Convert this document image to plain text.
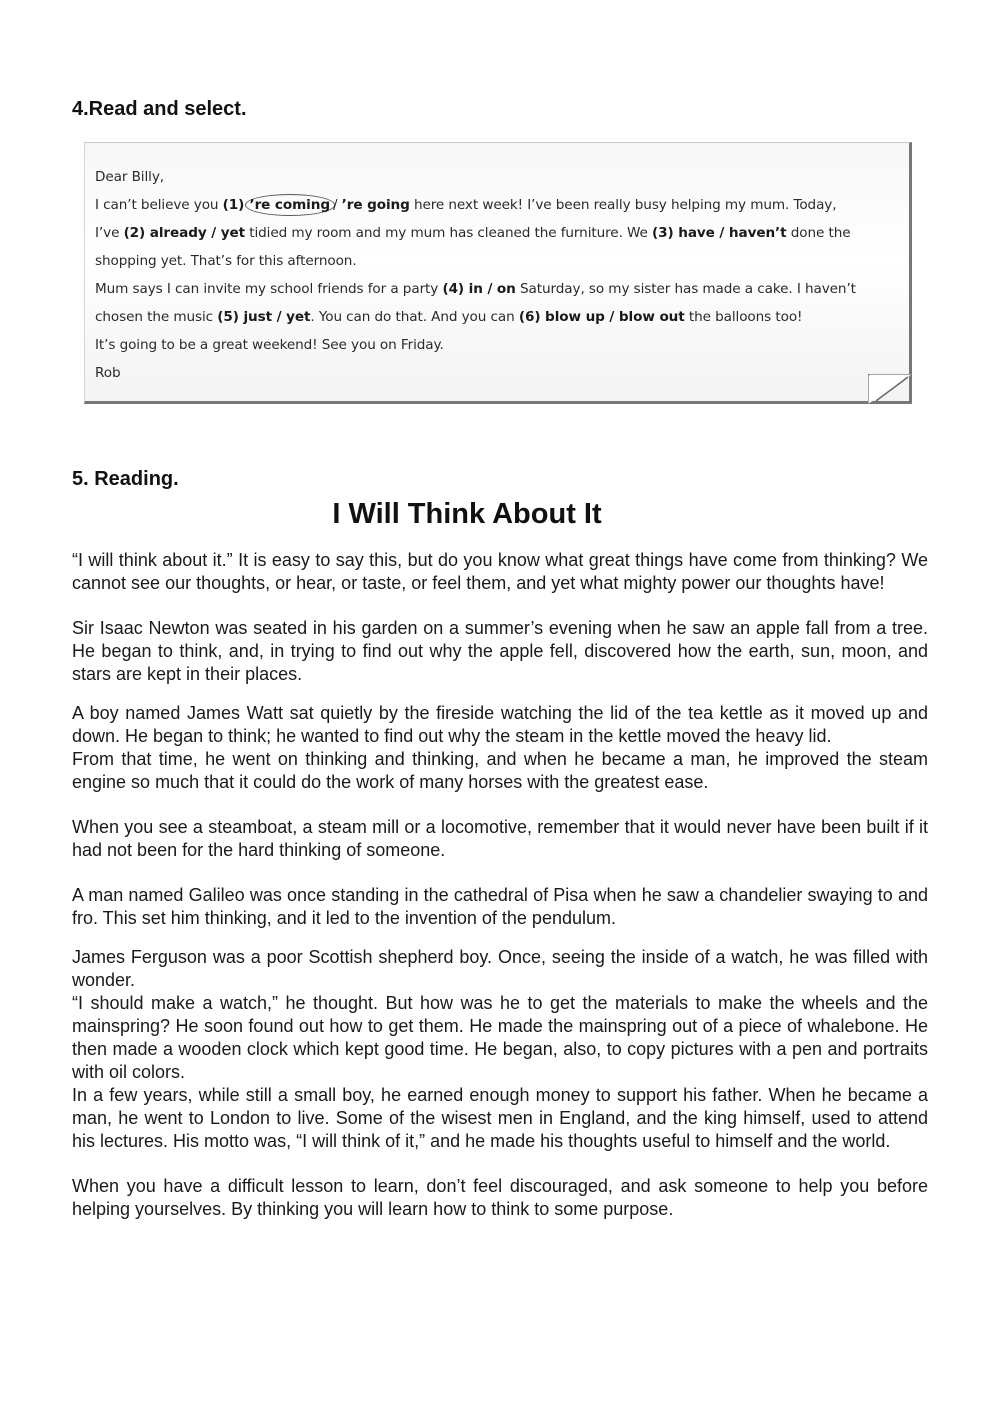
4.Read and select.
Dear Billy,
I can’t believe you (1) ’re coming / ’re going here next week! I’ve been really busy helping my mum. Today,
I’ve (2) already / yet tidied my room and my mum has cleaned the furniture. We (3) have / haven’t done the
shopping yet. That’s for this afternoon.
Mum says I can invite my school friends for a party (4) in / on Saturday, so my sister has made a cake. I haven’t
chosen the music (5) just / yet. You can do that. And you can (6) blow up / blow out the balloons too!
It’s going to be a great weekend! See you on Friday.
Rob
5. Reading.
I Will Think About It

“I will think about it.” It is easy to say this, but do you know what great things have come from thinking? We cannot see our thoughts, or hear, or taste, or feel them, and yet what mighty power our thoughts have!

Sir Isaac Newton was seated in his garden on a summer’s evening when he saw an apple fall from a tree. He began to think, and, in trying to find out why the apple fell, discovered how the earth, sun, moon, and stars are kept in their places.

A boy named James Watt sat quietly by the fireside watching the lid of the tea kettle as it moved up and down. He began to think; he wanted to find out why the steam in the kettle moved the heavy lid.

From that time, he went on thinking and thinking, and when he became a man, he improved the steam engine so much that it could do the work of many horses with the greatest ease.

When you see a steamboat, a steam mill or a locomotive, remember that it would never have been built if it had not been for the hard thinking of someone.

A man named Galileo was once standing in the cathedral of Pisa when he saw a chandelier swaying to and fro. This set him thinking, and it led to the invention of the pendulum.

James Ferguson was a poor Scottish shepherd boy. Once, seeing the inside of a watch, he was filled with wonder.

“I should make a watch,” he thought. But how was he to get the materials to make the wheels and the mainspring? He soon found out how to get them. He made the mainspring out of a piece of whalebone. He then made a wooden clock which kept good time. He began, also, to copy pictures with a pen and portraits with oil colors.

In a few years, while still a small boy, he earned enough money to support his father. When he became a man, he went to London to live. Some of the wisest men in England, and the king himself, used to attend his lectures. His motto was, “I will think of it,” and he made his thoughts useful to himself and the world.

When you have a difficult lesson to learn, don’t feel discouraged, and ask someone to help you before helping yourselves. By thinking you will learn how to think to some purpose.
